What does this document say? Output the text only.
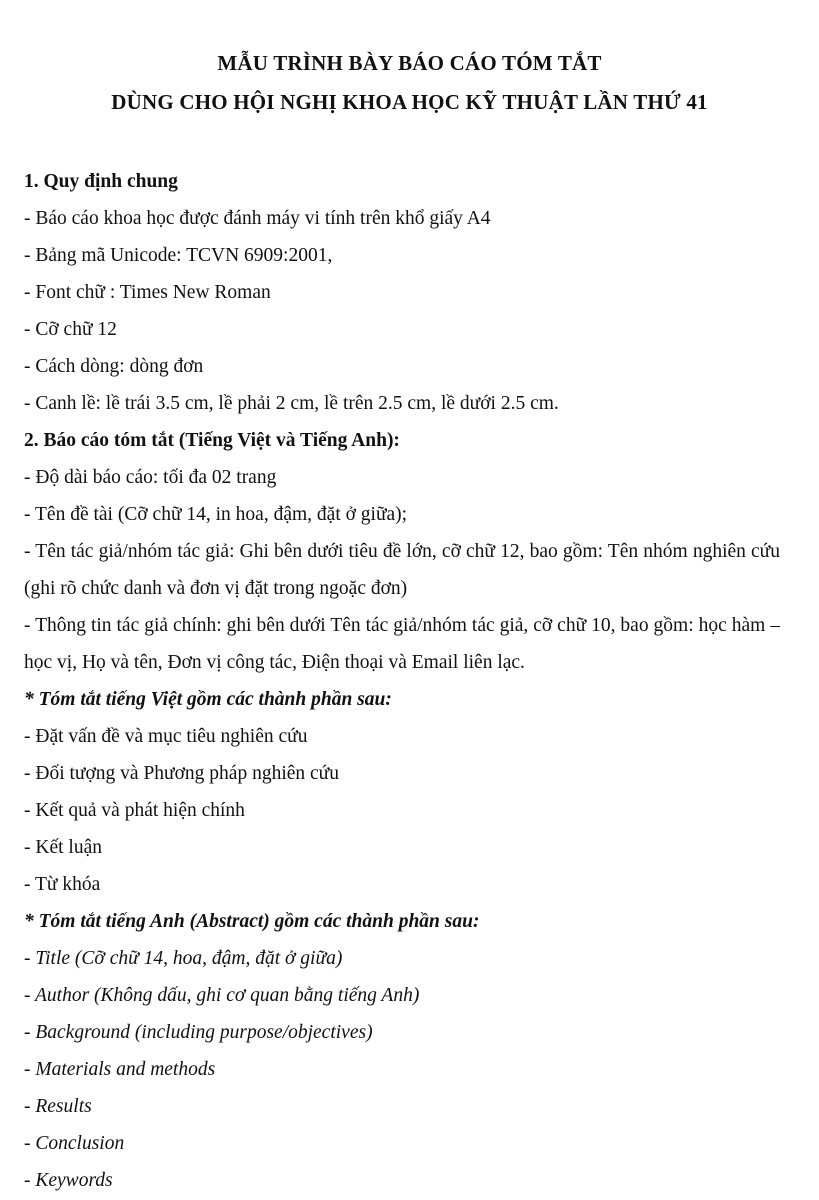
MẪU TRÌNH BÀY BÁO CÁO TÓM TẮT
DÙNG CHO HỘI NGHỊ KHOA HỌC KỸ THUẬT LẦN THỨ 41
1. Quy định chung
- Báo cáo khoa học được đánh máy vi tính trên khổ giấy A4
- Bảng mã Unicode: TCVN 6909:2001,
- Font chữ : Times New Roman
- Cỡ chữ 12
- Cách dòng: dòng đơn
- Canh lề: lề trái 3.5 cm, lề phải 2 cm, lề trên 2.5 cm, lề dưới 2.5 cm.
2. Báo cáo tóm tắt (Tiếng Việt và Tiếng Anh):
- Độ dài báo cáo: tối đa 02 trang
- Tên đề tài (Cỡ chữ 14, in hoa, đậm, đặt ở giữa);
- Tên tác giả/nhóm tác giả: Ghi bên dưới tiêu đề lớn, cỡ chữ 12, bao gồm: Tên nhóm nghiên cứu (ghi rõ chức danh và đơn vị đặt trong ngoặc đơn)
- Thông tin tác giả chính: ghi bên dưới Tên tác giả/nhóm tác giả, cỡ chữ 10, bao gồm: học hàm – học vị, Họ và tên, Đơn vị công tác, Điện thoại và Email liên lạc.
* Tóm tắt tiếng Việt gồm các thành phần sau:
- Đặt vấn đề và mục tiêu nghiên cứu
- Đối tượng và Phương pháp nghiên cứu
- Kết quả và phát hiện chính
- Kết luận
- Từ khóa
* Tóm tắt tiếng Anh (Abstract) gồm các thành phần sau:
- Title (Cỡ chữ 14, hoa, đậm, đặt ở giữa)
- Author (Không dấu, ghi cơ quan bằng tiếng Anh)
- Background (including purpose/objectives)
- Materials and methods
- Results
- Conclusion
- Keywords
